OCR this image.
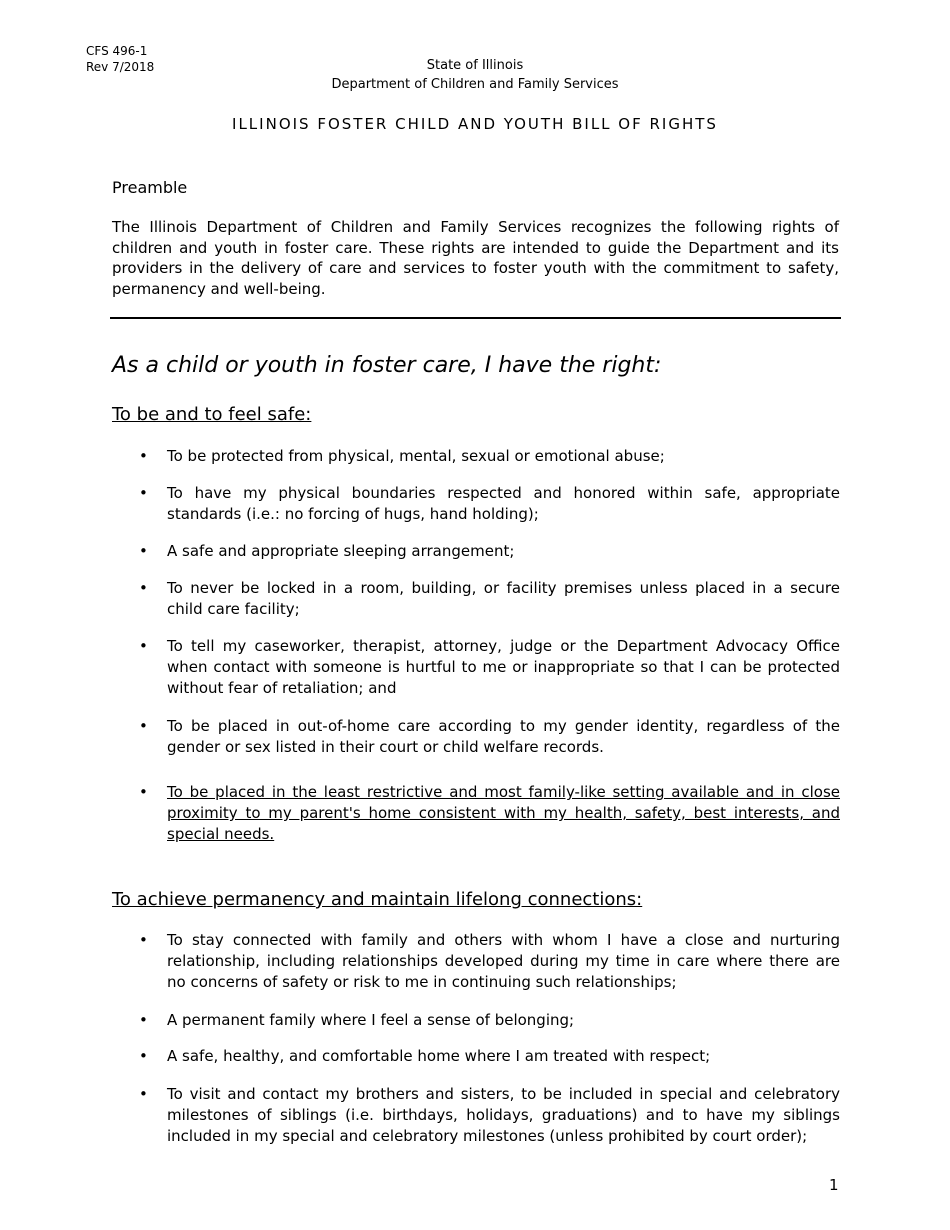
CFS 496-1
Rev 7/2018	State of Illinois
Department of Children and Family Services
ILLINOIS FOSTER CHILD AND YOUTH BILL OF RIGHTS
Preamble
The Illinois Department of Children and Family Services recognizes the following rights of children and youth in foster care. These rights are intended to guide the Department and its providers in the delivery of care and services to foster youth with the commitment to safety, permanency and well-being.
As a child or youth in foster care, I have the right:
To be and to feel safe:
• To be protected from physical, mental, sexual or emotional abuse;
• To have my physical boundaries respected and honored within safe, appropriate standards (i.e.: no forcing of hugs, hand holding);
• A safe and appropriate sleeping arrangement;
• To never be locked in a room, building, or facility premises unless placed in a secure child care facility;
• To tell my caseworker, therapist, attorney, judge or the Department Advocacy Office when contact with someone is hurtful to me or inappropriate so that I can be protected without fear of retaliation; and
• To be placed in out-of-home care according to my gender identity, regardless of the gender or sex listed in their court or child welfare records.
• To be placed in the least restrictive and most family-like setting available and in close proximity to my parent's home consistent with my health, safety, best interests, and special needs.
To achieve permanency and maintain lifelong connections:
• To stay connected with family and others with whom I have a close and nurturing relationship, including relationships developed during my time in care where there are no concerns of safety or risk to me in continuing such relationships;
• A permanent family where I feel a sense of belonging;
• A safe, healthy, and comfortable home where I am treated with respect;
• To visit and contact my brothers and sisters, to be included in special and celebratory milestones of siblings (i.e. birthdays, holidays, graduations) and to have my siblings included in my special and celebratory milestones (unless prohibited by court order);
1
